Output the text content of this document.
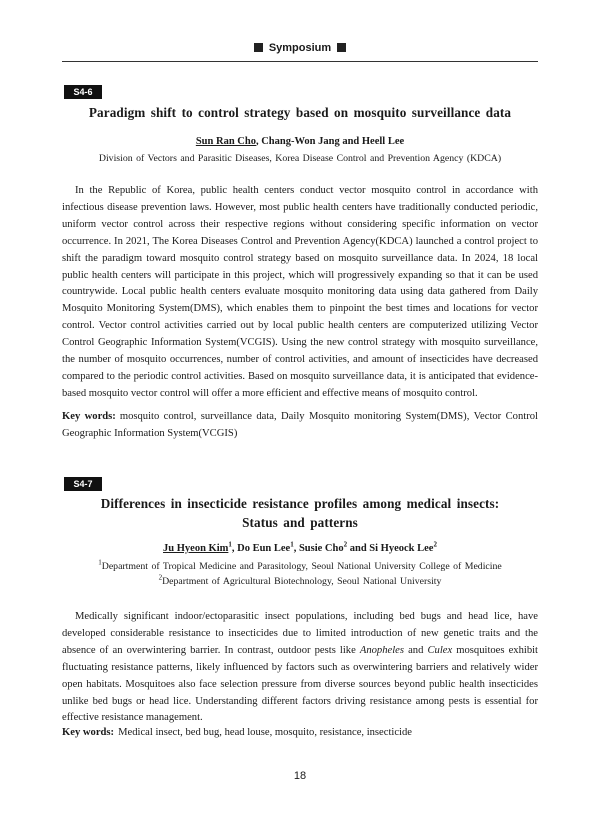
Symposium
S4-6
Paradigm shift to control strategy based on mosquito surveillance data
Sun Ran Cho, Chang-Won Jang and Heell Lee
Division of Vectors and Parasitic Diseases, Korea Disease Control and Prevention Agency (KDCA)

In the Republic of Korea, public health centers conduct vector mosquito control in accordance with infectious disease prevention laws. However, most public health centers have traditionally conducted periodic, uniform vector control across their respective regions without considering specific information on vector occurrence. In 2021, The Korea Diseases Control and Prevention Agency(KDCA) launched a control project to shift the paradigm toward mosquito control strategy based on mosquito surveillance data. In 2024, 18 local public health centers will participate in this project, which will progressively expanding so that it can be used countrywide. Local public health centers evaluate mosquito monitoring data using data gathered from Daily Mosquito Monitoring System(DMS), which enables them to pinpoint the best times and locations for vector control. Vector control activities carried out by local public health centers are computerized utilizing Vector Control Geographic Information System(VCGIS). Using the new control strategy with mosquito surveillance, the number of mosquito occurrences, number of control activities, and amount of insecticides have decreased compared to the periodic control activities. Based on mosquito surveillance data, it is anticipated that evidence-based mosquito vector control will offer a more efficient and effective means of mosquito control.

Key words: mosquito control, surveillance data, Daily Mosquito monitoring System(DMS), Vector Control Geographic Information System(VCGIS)

S4-7
Differences in insecticide resistance profiles among medical insects:
Status and patterns
Ju Hyeon Kim$^1$, Do Eun Lee$^1$, Susie Cho$^2$ and Si Hyeock Lee$^2$
$^1$Department of Tropical Medicine and Parasitology, Seoul National University College of Medicine
$^2$Department of Agricultural Biotechnology, Seoul National University

Medically significant indoor/ectoparasitic insect populations, including bed bugs and head lice, have developed considerable resistance to insecticides due to limited introduction of new genetic traits and the absence of an overwintering barrier. In contrast, outdoor pests like Anopheles and Culex mosquitoes exhibit fluctuating resistance patterns, likely influenced by factors such as overwintering barriers and relatively wider open habitats. Mosquitoes also face selection pressure from diverse sources beyond public health insecticides unlike bed bugs or head lice. Understanding different factors driving resistance among pests is essential for effective resistance management.

Key words: Medical insect, bed bug, head louse, mosquito, resistance, insecticide

18
